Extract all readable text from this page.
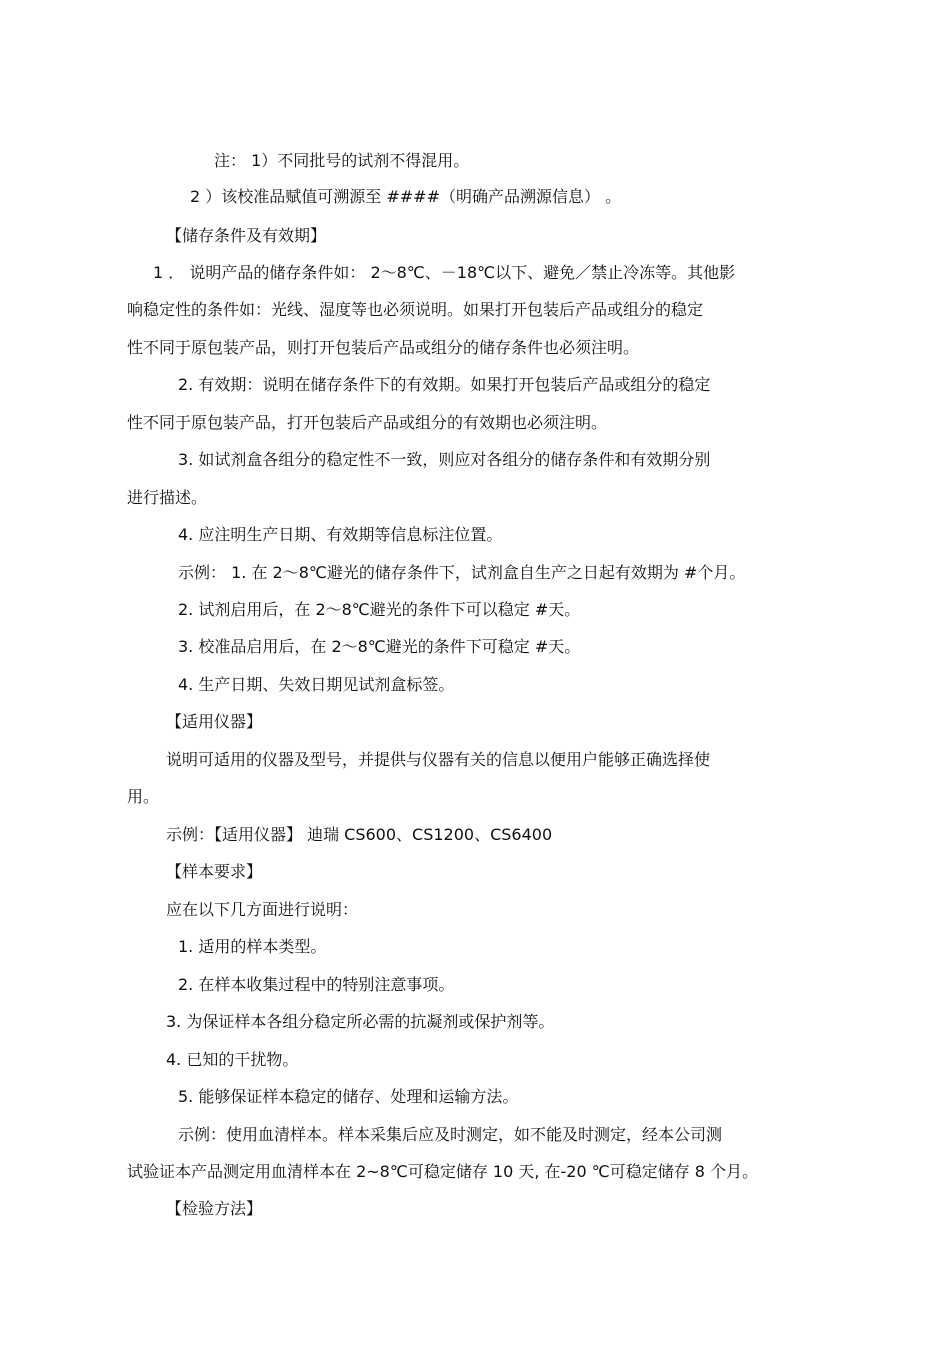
注： 1）不同批号的试剂不得混用。
2 ）该校准品赋值可溯源至 ####（明确产品溯源信息） 。
【储存条件及有效期】
1 ． 说明产品的储存条件如： 2～8℃、－18℃以下、避免／禁止冷冻等。其他影
响稳定性的条件如：光线、湿度等也必须说明。如果打开包装后产品或组分的稳定
性不同于原包装产品，则打开包装后产品或组分的储存条件也必须注明。
2. 有效期：说明在储存条件下的有效期。如果打开包装后产品或组分的稳定
性不同于原包装产品，打开包装后产品或组分的有效期也必须注明。
3. 如试剂盒各组分的稳定性不一致，则应对各组分的储存条件和有效期分别
进行描述。
4. 应注明生产日期、有效期等信息标注位置。
示例： 1. 在 2～8℃避光的储存条件下，试剂盒自生产之日起有效期为 #个月。
2. 试剂启用后，在 2～8℃避光的条件下可以稳定 #天。
3. 校准品启用后，在 2～8℃避光的条件下可稳定 #天。
4. 生产日期、失效日期见试剂盒标签。
【适用仪器】
说明可适用的仪器及型号，并提供与仪器有关的信息以便用户能够正确选择使
用。
示例：【适用仪器】 迪瑞 CS600、CS1200、CS6400
【样本要求】
应在以下几方面进行说明：
1. 适用的样本类型。
2. 在样本收集过程中的特别注意事项。
3. 为保证样本各组分稳定所必需的抗凝剂或保护剂等。
4. 已知的干扰物。
5. 能够保证样本稳定的储存、处理和运输方法。
示例：使用血清样本。样本采集后应及时测定，如不能及时测定，经本公司测
试验证本产品测定用血清样本在 2~8℃可稳定储存 10 天, 在-20 ℃可稳定储存 8 个月。
【检验方法】
